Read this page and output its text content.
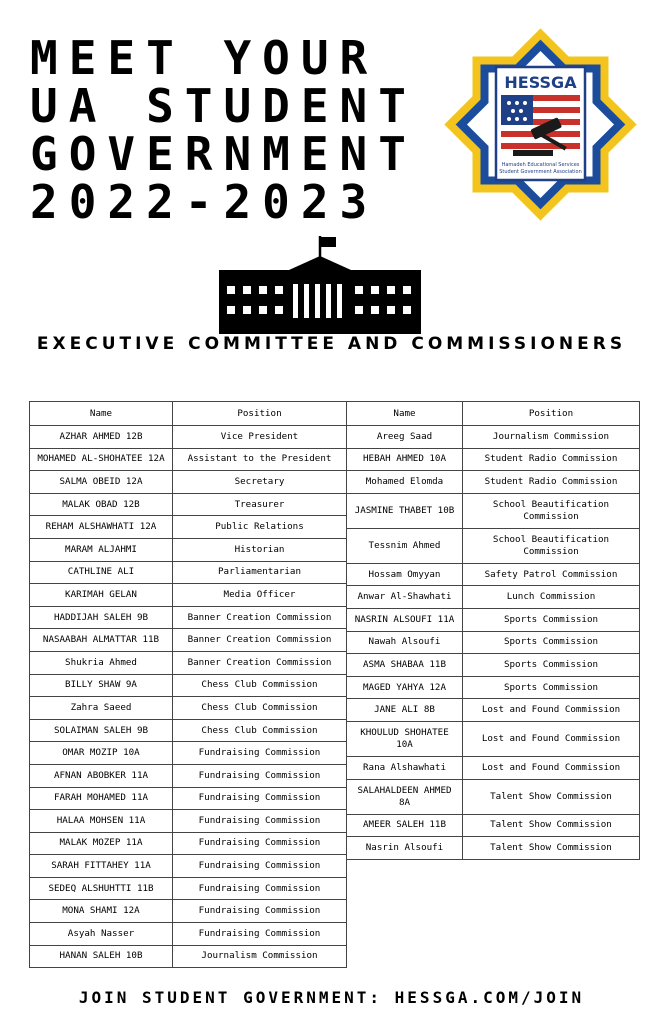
MEET YOUR
UA STUDENT
GOVERNMENT
2022-2023
HESSGA
Hamadeh Educational Services
Student Government Association
EXECUTIVE COMMITTEE AND COMMISSIONERS
Name	Position
AZHAR AHMED 12B	Vice President
MOHAMED AL-SHOHATEE 12A	Assistant to the President
SALMA OBEID 12A	Secretary
MALAK OBAD 12B	Treasurer
REHAM ALSHAWHATI 12A	Public Relations
MARAM ALJAHMI	Historian
CATHLINE ALI	Parliamentarian
KARIMAH GELAN	Media Officer
HADDIJAH SALEH 9B	Banner Creation Commission
NASAABAH ALMATTAR 11B	Banner Creation Commission
Shukria Ahmed	Banner Creation Commission
BILLY SHAW 9A	Chess Club Commission
Zahra Saeed	Chess Club Commission
SOLAIMAN SALEH 9B	Chess Club Commission
OMAR MOZIP 10A	Fundraising Commission
AFNAN ABOBKER 11A	Fundraising Commission
FARAH MOHAMED 11A	Fundraising Commission
HALAA MOHSEN 11A	Fundraising Commission
MALAK MOZEP 11A	Fundraising Commission
SARAH FITTAHEY 11A	Fundraising Commission
SEDEQ ALSHUHTTI 11B	Fundraising Commission
MONA SHAMI 12A	Fundraising Commission
Asyah Nasser	Fundraising Commission
HANAN SALEH 10B	Journalism Commission
Name	Position
Areeg Saad	Journalism Commission
HEBAH AHMED 10A	Student Radio Commission
Mohamed Elomda	Student Radio Commission
JASMINE THABET 10B	School Beautification Commission
Tessnim Ahmed	School Beautification Commission
Hossam Omyyan	Safety Patrol Commission
Anwar Al-Shawhati	Lunch Commission
NASRIN ALSOUFI 11A	Sports Commission
Nawah Alsoufi	Sports Commission
ASMA SHABAA 11B	Sports Commission
MAGED YAHYA 12A	Sports Commission
JANE ALI 8B	Lost and Found Commission
KHOULUD SHOHATEE 10A	Lost and Found Commission
Rana Alshawhati	Lost and Found Commission
SALAHALDEEN AHMED 8A	Talent Show Commission
AMEER SALEH 11B	Talent Show Commission
Nasrin Alsoufi	Talent Show Commission
JOIN STUDENT GOVERNMENT: HESSGA.COM/JOIN
